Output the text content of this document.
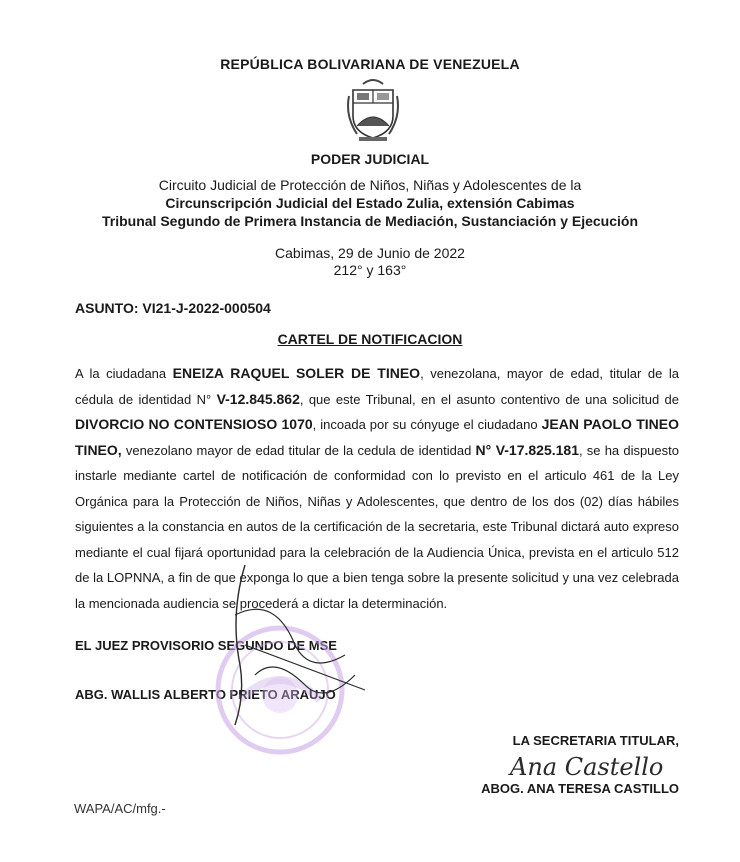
REPÚBLICA BOLIVARIANA DE VENEZUELA
PODER JUDICIAL
Circuito Judicial de Protección de Niños, Niñas y Adolescentes de la
Circunscripción Judicial del Estado Zulia, extensión Cabimas
Tribunal Segundo de Primera Instancia de Mediación, Sustanciación y Ejecución
Cabimas, 29 de Junio de 2022
212° y 163°
ASUNTO: VI21-J-2022-000504
CARTEL DE NOTIFICACION
A la ciudadana ENEIZA RAQUEL SOLER DE TINEO, venezolana, mayor de edad, titular de la cédula de identidad N° V-12.845.862, que este Tribunal, en el asunto contentivo de una solicitud de DIVORCIO NO CONTENSIOSO 1070, incoada por su cónyuge el ciudadano JEAN PAOLO TINEO TINEO, venezolano mayor de edad titular de la cedula de identidad N° V-17.825.181, se ha dispuesto instarle mediante cartel de notificación de conformidad con lo previsto en el articulo 461 de la Ley Orgánica para la Protección de Niños, Niñas y Adolescentes, que dentro de los dos (02) días hábiles siguientes a la constancia en autos de la certificación de la secretaria, este Tribunal dictará auto expreso mediante el cual fijará oportunidad para la celebración de la Audiencia Única, prevista en el articulo 512 de la LOPNNA, a fin de que exponga lo que a bien tenga sobre la presente solicitud y una vez celebrada la mencionada audiencia se procederá a dictar la determinación.
EL JUEZ PROVISORIO SEGUNDO DE MSE
ABG. WALLIS ALBERTO PRIETO ARAUJO
LA SECRETARIA TITULAR,
Ana Castello
ABOG. ANA TERESA CASTILLO
WAPA/AC/mfg.-
